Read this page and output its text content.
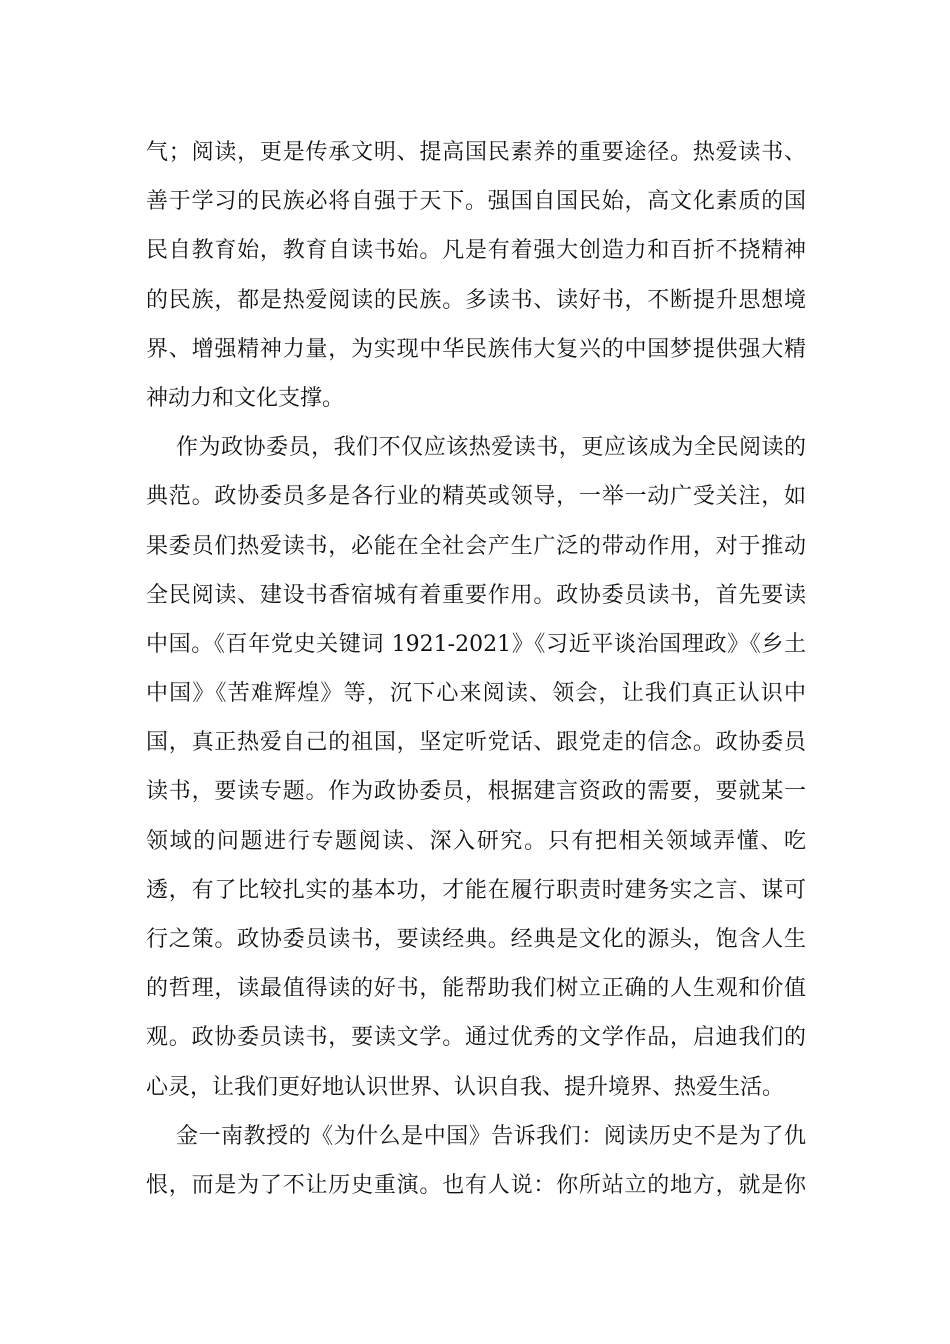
气；阅读，更是传承文明、提高国民素养的重要途径。热爱读书、
善于学习的民族必将自强于天下。强国自国民始，高文化素质的国
民自教育始，教育自读书始。凡是有着强大创造力和百折不挠精神
的民族，都是热爱阅读的民族。多读书、读好书，不断提升思想境
界、增强精神力量，为实现中华民族伟大复兴的中国梦提供强大精
神动力和文化支撑。
作为政协委员，我们不仅应该热爱读书，更应该成为全民阅读的
典范。政协委员多是各行业的精英或领导，一举一动广受关注，如
果委员们热爱读书，必能在全社会产生广泛的带动作用，对于推动
全民阅读、建设书香宿城有着重要作用。政协委员读书，首先要读
中国。《百年党史关键词 1921-2021》《习近平谈治国理政》《乡土
中国》《苦难辉煌》等，沉下心来阅读、领会，让我们真正认识中
国，真正热爱自己的祖国，坚定听党话、跟党走的信念。政协委员
读书，要读专题。作为政协委员，根据建言资政的需要，要就某一
领域的问题进行专题阅读、深入研究。只有把相关领域弄懂、吃
透，有了比较扎实的基本功，才能在履行职责时建务实之言、谋可
行之策。政协委员读书，要读经典。经典是文化的源头，饱含人生
的哲理，读最值得读的好书，能帮助我们树立正确的人生观和价值
观。政协委员读书，要读文学。通过优秀的文学作品，启迪我们的
心灵，让我们更好地认识世界、认识自我、提升境界、热爱生活。
金一南教授的《为什么是中国》告诉我们：阅读历史不是为了仇
恨，而是为了不让历史重演。也有人说：你所站立的地方，就是你
